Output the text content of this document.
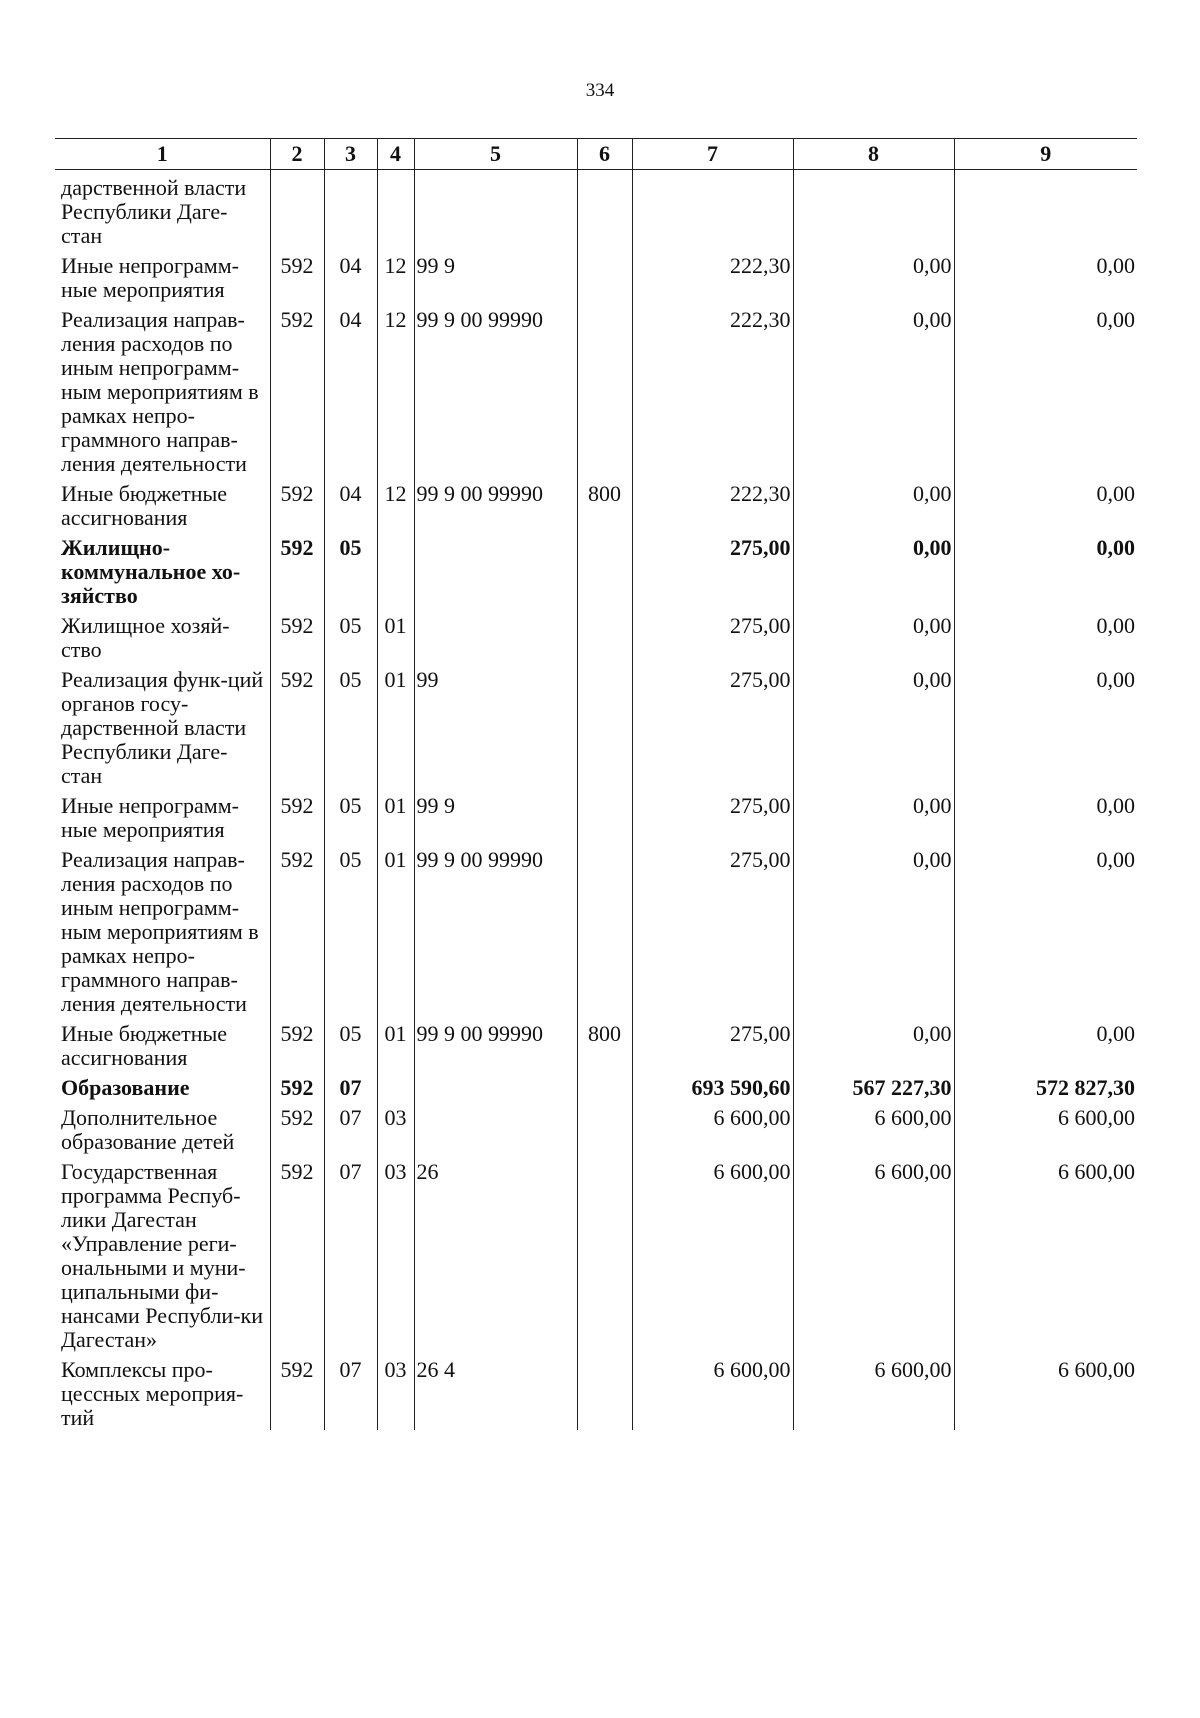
334
1	2	3	4	5	6	7	8	9
дарственной власти Республики Даге-стан								
Иные непрограмм-ные мероприятия	592	04	12	99 9		222,30	0,00	0,00
Реализация направ-ления расходов по иным непрограмм-ным мероприятиям в рамках непро-граммного направ-ления деятельности	592	04	12	99 9 00 99990		222,30	0,00	0,00
Иные бюджетные ассигнования	592	04	12	99 9 00 99990	800	222,30	0,00	0,00
Жилищно-коммунальное хо-зяйство	592	05				275,00	0,00	0,00
Жилищное хозяй-ство	592	05	01			275,00	0,00	0,00
Реализация функ-ций органов госу-дарственной власти Республики Даге-стан	592	05	01	99		275,00	0,00	0,00
Иные непрограмм-ные мероприятия	592	05	01	99 9		275,00	0,00	0,00
Реализация направ-ления расходов по иным непрограмм-ным мероприятиям в рамках непро-граммного направ-ления деятельности	592	05	01	99 9 00 99990		275,00	0,00	0,00
Иные бюджетные ассигнования	592	05	01	99 9 00 99990	800	275,00	0,00	0,00
Образование	592	07				693 590,60	567 227,30	572 827,30
Дополнительное образование детей	592	07	03			6 600,00	6 600,00	6 600,00
Государственная программа Респуб-лики Дагестан «Управление реги-ональными и муни-ципальными фи-нансами Республи-ки Дагестан»	592	07	03	26		6 600,00	6 600,00	6 600,00
Комплексы про-цессных мероприя-тий	592	07	03	26 4		6 600,00	6 600,00	6 600,00
